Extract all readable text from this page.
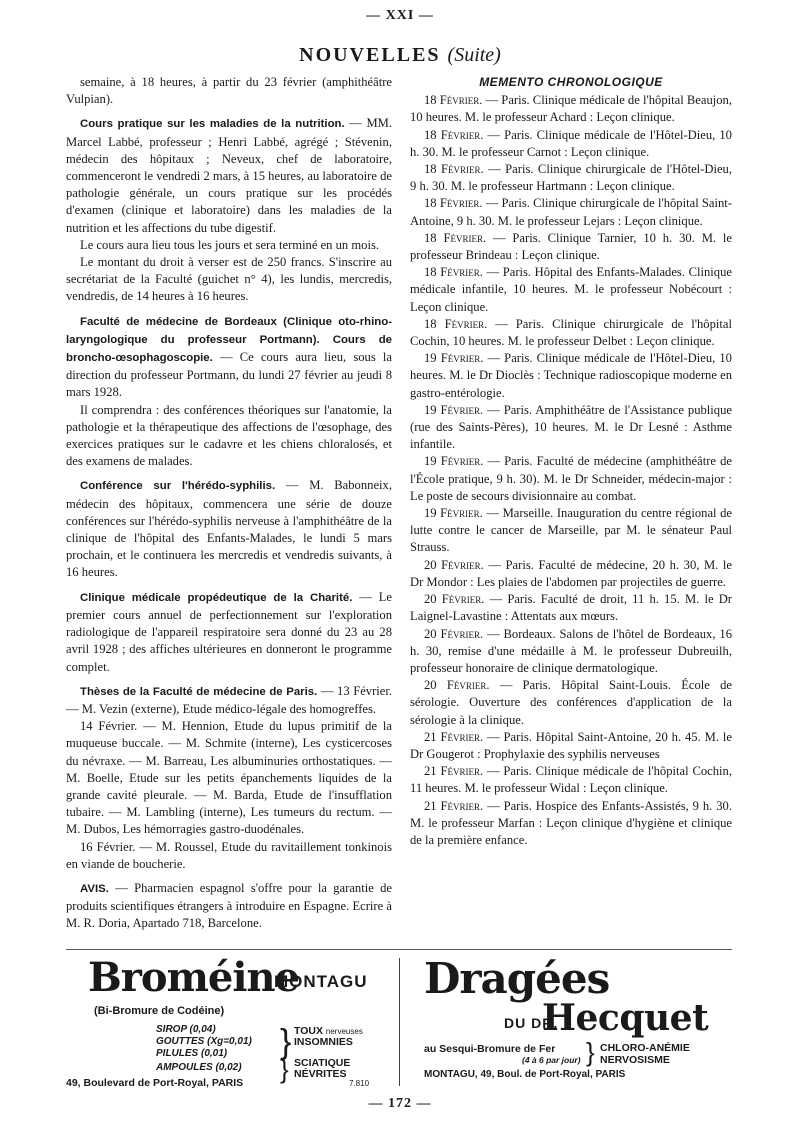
— XXI —
NOUVELLES (Suite)

semaine, à 18 heures, à partir du 23 février (amphithéâtre Vulpian).

Cours pratique sur les maladies de la nutrition. — MM. Marcel Labbé, professeur ; Henri Labbé, agrégé ; Stévenin, médecin des hôpitaux ; Neveux, chef de laboratoire, commenceront le vendredi 2 mars, à 15 heures, au laboratoire de pathologie générale, un cours pratique sur les procédés d'examen (clinique et laboratoire) dans les maladies de la nutrition et les affections du tube digestif.

Le cours aura lieu tous les jours et sera terminé en un mois.

Le montant du droit à verser est de 250 francs. S'inscrire au secrétariat de la Faculté (guichet n° 4), les lundis, mercredis, vendredis, de 14 heures à 16 heures.

Faculté de médecine de Bordeaux (Clinique oto-rhino-laryngologique du professeur Portmann). Cours de broncho-œsophagoscopie. — Ce cours aura lieu, sous la direction du professeur Portmann, du lundi 27 février au jeudi 8 mars 1928.

Il comprendra : des conférences théoriques sur l'anatomie, la pathologie et la thérapeutique des affections de l'œsophage, des exercices pratiques sur le cadavre et les chiens chloralosés, et des examens de malades.

Conférence sur l'hérédo-syphilis. — M. Babonneix, médecin des hôpitaux, commencera une série de douze conférences sur l'hérédo-syphilis nerveuse à l'amphithéâtre de la clinique de l'hôpital des Enfants-Malades, le lundi 5 mars prochain, et le continuera les mercredis et vendredis suivants, à 16 heures.

Clinique médicale propédeutique de la Charité. — Le premier cours annuel de perfectionnement sur l'exploration radiologique de l'appareil respiratoire sera donné du 23 au 28 avril 1928 ; des affiches ultérieures en donneront le programme complet.

Thèses de la Faculté de médecine de Paris. — 13 Février. — M. Vezin (externe), Etude médico-légale des homogreffes.

14 Février. — M. Hennion, Etude du lupus primitif de la muqueuse buccale. — M. Schmite (interne), Les cysticercoses du névraxe. — M. Barreau, Les albuminuries orthostatiques. — M. Boelle, Etude sur les petits épanchements liquides de la grande cavité pleurale. — M. Barda, Etude de l'insufflation tubaire. — M. Lambling (interne), Les tumeurs du rectum. — M. Dubos, Les hémorragies gastro-duodénales.

16 Février. — M. Roussel, Etude du ravitaillement tonkinois en viande de boucherie.

AVIS. — Pharmacien espagnol s'offre pour la garantie de produits scientifiques étrangers à introduire en Espagne. Ecrire à M. R. Doria, Apartado 718, Barcelone.

MEMENTO CHRONOLOGIQUE

18 Février. — Paris. Clinique médicale de l'hôpital Beaujon, 10 heures. M. le professeur Achard : Leçon clinique.

18 Février. — Paris. Clinique médicale de l'Hôtel-Dieu, 10 h. 30. M. le professeur Carnot : Leçon clinique.

18 Février. — Paris. Clinique chirurgicale de l'Hôtel-Dieu, 9 h. 30. M. le professeur Hartmann : Leçon clinique.

18 Février. — Paris. Clinique chirurgicale de l'hôpital Saint-Antoine, 9 h. 30. M. le professeur Lejars : Leçon clinique.

18 Février. — Paris. Clinique Tarnier, 10 h. 30. M. le professeur Brindeau : Leçon clinique.

18 Février. — Paris. Hôpital des Enfants-Malades. Clinique médicale infantile, 10 heures. M. le professeur Nobécourt : Leçon clinique.

18 Février. — Paris. Clinique chirurgicale de l'hôpital Cochin, 10 heures. M. le professeur Delbet : Leçon clinique.

19 Février. — Paris. Clinique médicale de l'Hôtel-Dieu, 10 heures. M. le Dr Dioclès : Technique radioscopique moderne en gastro-entérologie.

19 Février. — Paris. Amphithéâtre de l'Assistance publique (rue des Saints-Pères), 10 heures. M. le Dr Lesné : Asthme infantile.

19 Février. — Paris. Faculté de médecine (amphithéâtre de l'École pratique, 9 h. 30). M. le Dr Schneider, médecin-major : Le poste de secours divisionnaire au combat.

19 Février. — Marseille. Inauguration du centre régional de lutte contre le cancer de Marseille, par M. le sénateur Paul Strauss.

20 Février. — Paris. Faculté de médecine, 20 h. 30, M. le Dr Mondor : Les plaies de l'abdomen par projectiles de guerre.

20 Février. — Paris. Faculté de droit, 11 h. 15. M. le Dr Laignel-Lavastine : Attentats aux mœurs.

20 Février. — Bordeaux. Salons de l'hôtel de Bordeaux, 16 h. 30, remise d'une médaille à M. le professeur Dubreuilh, professeur honoraire de clinique dermatologique.

20 Février. — Paris. Hôpital Saint-Louis. École de sérologie. Ouverture des conférences d'application de la sérologie à la clinique.

21 Février. — Paris. Hôpital Saint-Antoine, 20 h. 45. M. le Dr Gougerot : Prophylaxie des syphilis nerveuses

21 Février. — Paris. Clinique médicale de l'hôpital Cochin, 11 heures. M. le professeur Widal : Leçon clinique.

21 Février. — Paris. Hospice des Enfants-Assistés, 9 h. 30. M. le professeur Marfan : Leçon clinique d'hygiène et clinique de la première enfance.

Broméine
MONTAGU
(Bi-Bromure de Codéine)
SIROP (0,04)
GOUTTES (Xg=0,01)
PILULES (0,01)	} TOUX nerveuses
INSOMNIES
AMPOULES (0,02) } SCIATIQUE
NÉVRITES
49, Boulevard de Port-Royal, PARIS	7.810
Dragées
DU DR.
Hecquet
au Sesqui-Bromure de Fer
(4 à 6 par jour) } CHLORO-ANÉMIE
NERVOSISME
MONTAGU, 49, Boul. de Port-Royal, PARIS
— 172 —
